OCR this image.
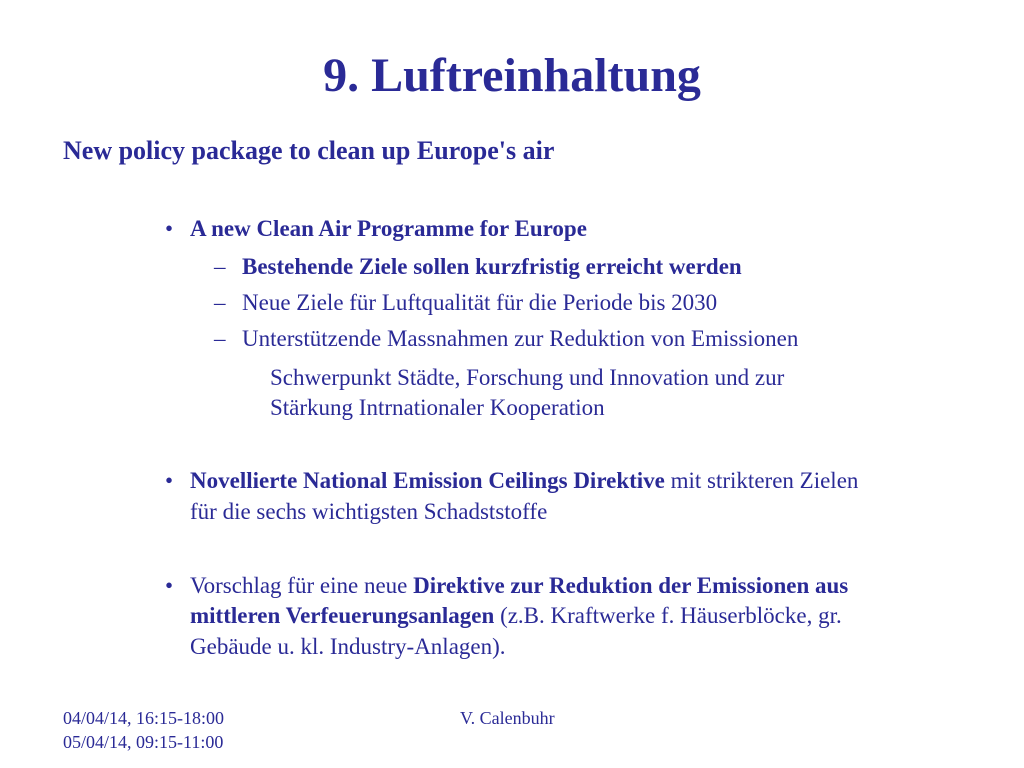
9. Luftreinhaltung
New policy package to clean up Europe's air
• A new Clean Air Programme for Europe
– Bestehende Ziele sollen kurzfristig erreicht werden
– Neue Ziele für Luftqualität für die Periode bis 2030
– Unterstützende Massnahmen zur Reduktion von Emissionen
Schwerpunkt Städte, Forschung und Innovation und zur
Stärkung Intrnationaler Kooperation
• Novellierte National Emission Ceilings Direktive mit strikteren Zielen
für die sechs wichtigsten Schadststoffe
• Vorschlag für eine neue Direktive zur Reduktion der Emissionen aus
mittleren Verfeuerungsanlagen (z.B. Kraftwerke f. Häuserblöcke, gr.
Gebäude u. kl. Industry-Anlagen).
04/04/14, 16:15-18:00
05/04/14, 09:15-11:00
V. Calenbuhr
